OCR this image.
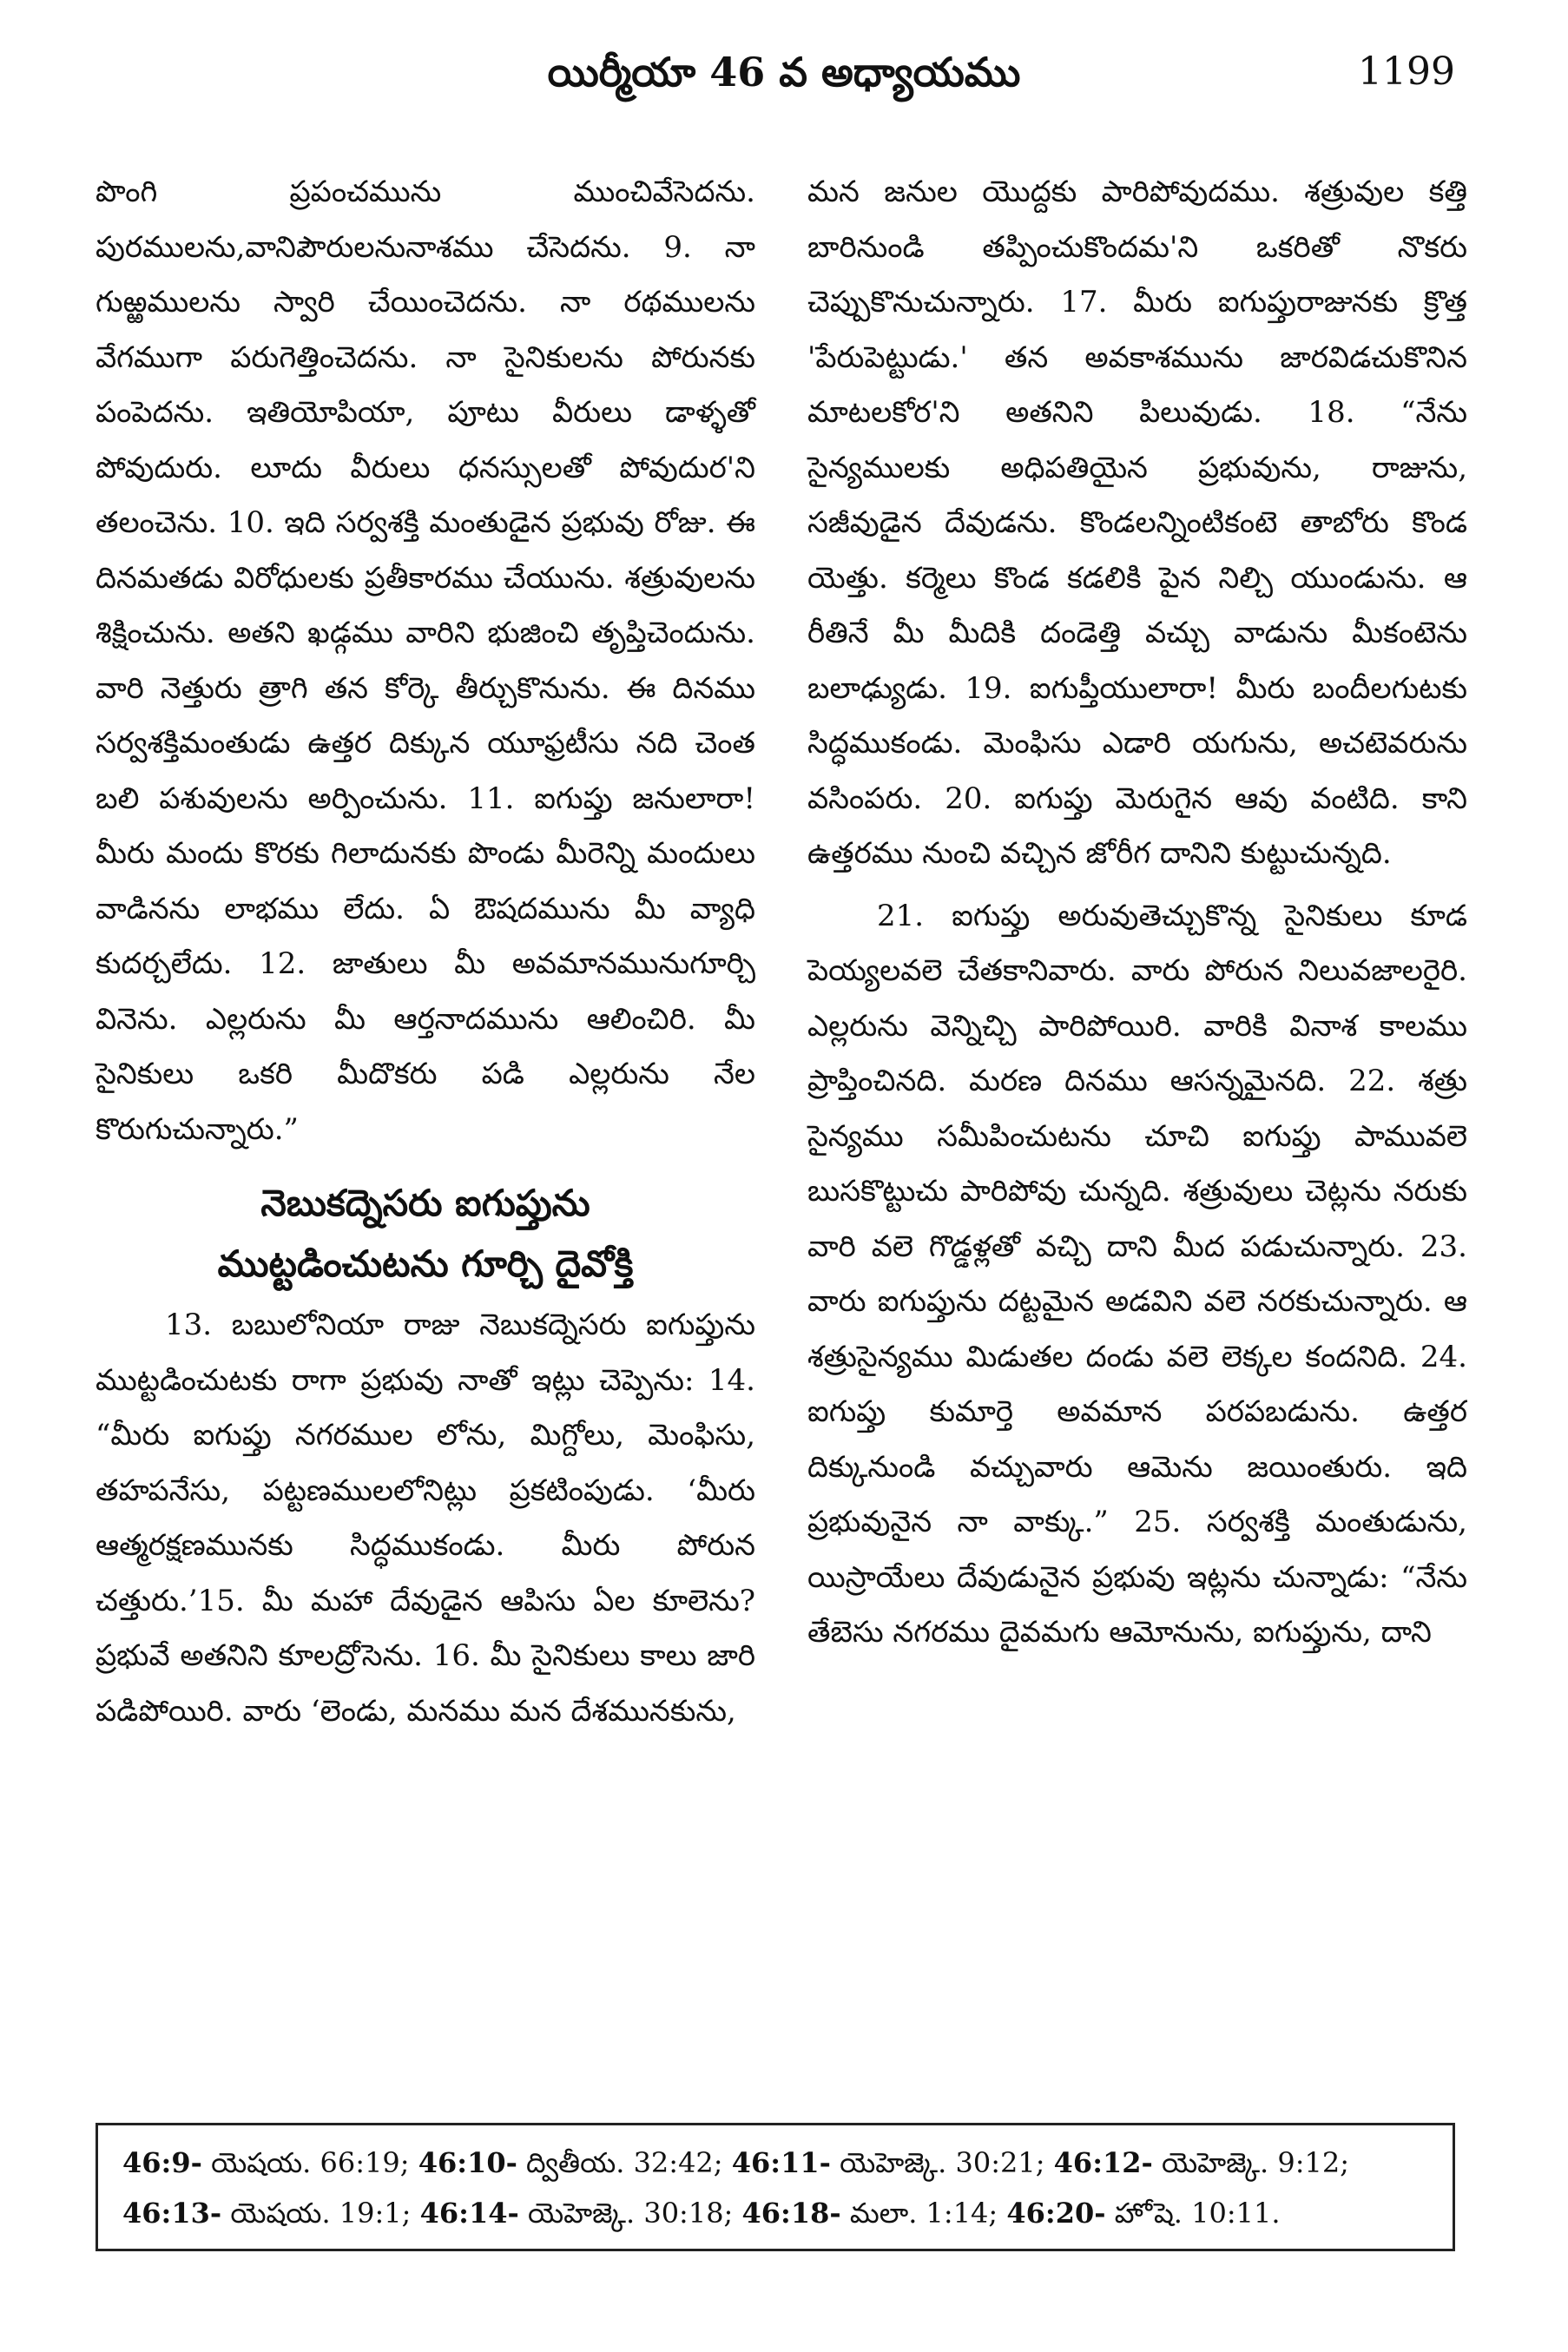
యిర్మీయా 46 వ అధ్యాయము	1199

పొంగి ప్రపంచమును ముంచివేసెదను. పురములను,వానిపౌరులనునాశము చేసెదను. 9. నా గుఱ్ఱములను స్వారి చేయించెదను. నా రథములను వేగముగా పరుగెత్తించెదను. నా సైనికులను పోరునకు పంపెదను. ఇతియోపియా, పూటు వీరులు డాళ్ళతో పోవుదురు. లూదు వీరులు ధనస్సులతో పోవుదుర'ని తలంచెను. 10. ఇది సర్వశక్తి మంతుడైన ప్రభువు రోజు. ఈ దినమతడు విరోధులకు ప్రతీకారము చేయును. శత్రువులను శిక్షించును. అతని ఖడ్గము వారిని భుజించి తృప్తిచెందును. వారి నెత్తురు త్రాగి తన కోర్కె తీర్చుకొనును. ఈ దినము సర్వశక్తిమంతుడు ఉత్తర దిక్కున యూఫ్రటీసు నది చెంత బలి పశువులను అర్పించును. 11. ఐగుప్తు జనులారా! మీరు మందు కొరకు గిలాదునకు పొండు మీరెన్ని మందులు వాడినను లాభము లేదు. ఏ ఔషదమును మీ వ్యాధి కుదర్చలేదు. 12. జాతులు మీ అవమానమునుగూర్చి వినెను. ఎల్లరును మీ ఆర్తనాదమును ఆలించిరి. మీ సైనికులు ఒకరి మీదొకరు పడి ఎల్లరును నేల కొరుగుచున్నారు.”

నెబుకద్నెసరు ఐగుప్తును
ముట్టడించుటను గూర్చి దైవోక్తి

13. బబులోనియా రాజు నెబుకద్నెసరు ఐగుప్తును ముట్టడించుటకు రాగా ప్రభువు నాతో ఇట్లు చెప్పెను: 14. “మీరు ఐగుప్తు నగరముల లోను, మిగ్దోలు, మెంఫిసు, తహపనేసు, పట్టణములలోనిట్లు ప్రకటింపుడు. ‘మీరు ఆత్మరక్షణమునకు సిద్ధముకండు. మీరు పోరున చత్తురు.’15. మీ మహా దేవుడైన ఆపిసు ఏల కూలెను? ప్రభువే అతనిని కూలద్రోసెను. 16. మీ సైనికులు కాలు జారి పడిపోయిరి. వారు ‘లెండు, మనము మన దేశమునకును,

మన జనుల యొద్దకు పారిపోవుదము. శత్రువుల కత్తి బారినుండి తప్పించుకొందమ'ని ఒకరితో నొకరు చెప్పుకొనుచున్నారు. 17. మీరు ఐగుప్తురాజునకు క్రొత్త 'పేరుపెట్టుడు.' తన అవకాశమును జారవిడచుకొనిన మాటలకోర'ని అతనిని పిలువుడు. 18. “నేను సైన్యములకు అధిపతియైన ప్రభువును, రాజును, సజీవుడైన దేవుడను. కొండలన్నింటికంటె తాబోరు కొండ యెత్తు. కర్మెలు కొండ కడలికి పైన నిల్చి యుండును. ఆ రీతినే మీ మీదికి దండెత్తి వచ్చు వాడును మీకంటెను బలాఢ్యుడు. 19. ఐగుప్తీయులారా! మీరు బందీలగుటకు సిద్ధముకండు. మెంఫిసు ఎడారి యగును, అచటెవరును వసింపరు. 20. ఐగుప్తు మెరుగైన ఆవు వంటిది. కాని ఉత్తరము నుంచి వచ్చిన జోరీగ దానిని కుట్టుచున్నది.

21. ఐగుప్తు అరువుతెచ్చుకొన్న సైనికులు కూడ పెయ్యలవలె చేతకానివారు. వారు పోరున నిలువజాలరైరి. ఎల్లరును వెన్నిచ్చి పారిపోయిరి. వారికి వినాశ కాలము ప్రాప్తించినది. మరణ దినము ఆసన్నమైనది. 22. శత్రు సైన్యము సమీపించుటను చూచి ఐగుప్తు పామువలె బుసకొట్టుచు పారిపోవు చున్నది. శత్రువులు చెట్లను నరుకు వారి వలె గొడ్డళ్లతో వచ్చి దాని మీద పడుచున్నారు. 23. వారు ఐగుప్తును దట్టమైన అడవిని వలె నరకుచున్నారు. ఆ శత్రుసైన్యము మిడుతల దండు వలె లెక్కల కందనిది. 24. ఐగుప్తు కుమార్తె అవమాన పరపబడును. ఉత్తర దిక్కునుండి వచ్చువారు ఆమెను జయింతురు. ఇది ప్రభువునైన నా వాక్కు.” 25. సర్వశక్తి మంతుడును, యిస్రాయేలు దేవుడునైన ప్రభువు ఇట్లను చున్నాడు: “నేను తేబెసు నగరము దైవమగు ఆమోనును, ఐగుప్తును, దాని

46:9- యెషయ. 66:19; 46:10- ద్వితీయ. 32:42; 46:11- యెహెజ్కె. 30:21; 46:12- యెహెజ్కె. 9:12;
46:13- యెషయ. 19:1; 46:14- యెహెజ్కె. 30:18; 46:18- మలా. 1:14; 46:20- హోషె. 10:11.
